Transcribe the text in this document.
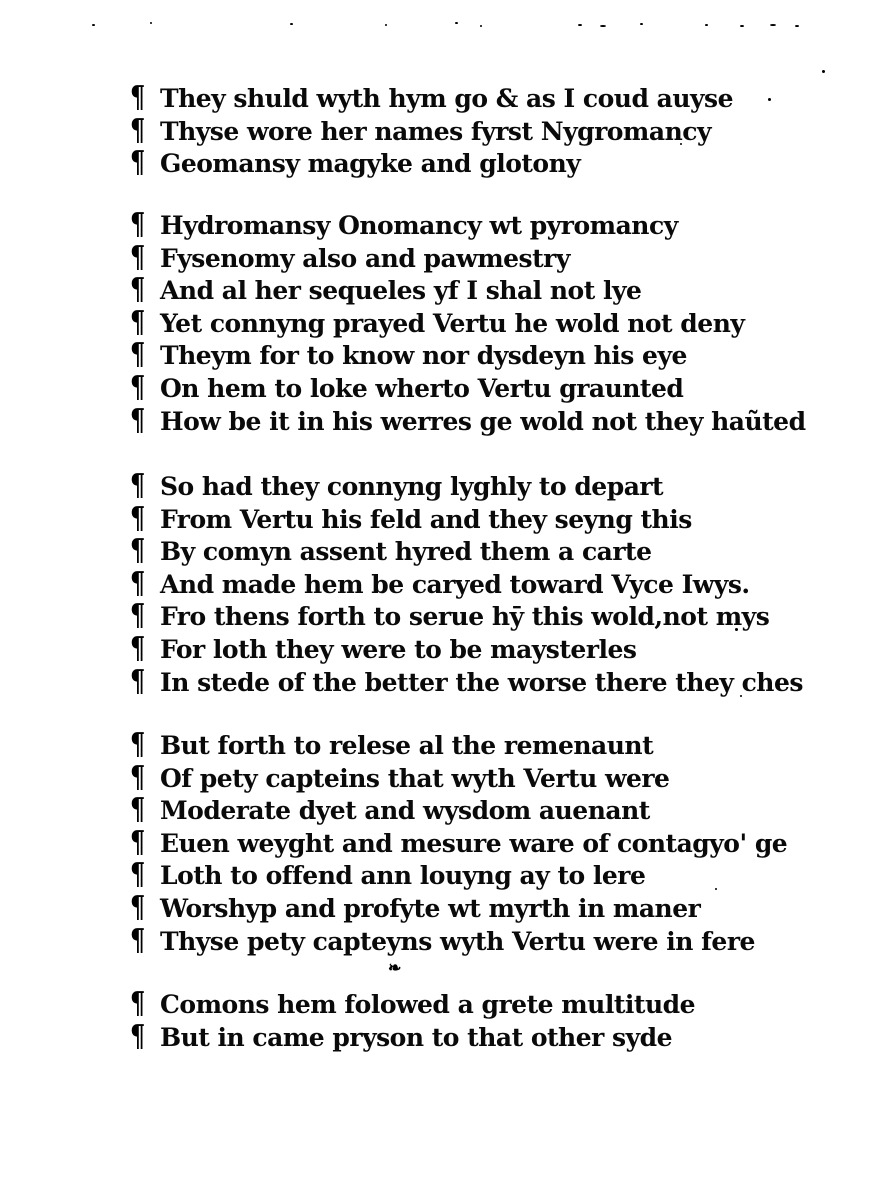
❧
¶ They shuld wyth hym go & as I coud auyse
¶ Thyse wore her names fyrst Nygromancy
¶ Geomansy magyke and glotony
¶ Hydromansy Onomancy wt pyromancy
¶ Fysenomy also and pawmestry
¶ And al her sequeles yf I shal not lye
¶ Yet connyng prayed Vertu he wold not deny
¶ Theym for to know nor dysdeyn his eye
¶ On hem to loke wherto Vertu graunted
¶ How be it in his werres ge wold not they haũted
¶ So had they connyng lyghly to depart
¶ From Vertu his feld and they seyng this
¶ By comyn assent hyred them a carte
¶ And made hem be caryed toward Vyce Iwys.
¶ Fro thens forth to serue hȳ this wold,not mys
¶ For loth they were to be maysterles
¶ In stede of the better the worse there they ches
¶ But forth to relese al the remenaunt
¶ Of pety capteins that wyth Vertu were
¶ Moderate dyet and wysdom auenant
¶ Euen weyght and mesure ware of contagyo' ge
¶ Loth to offend ann louyng ay to lere
¶ Worshyp and profyte wt myrth in maner
¶ Thyse pety capteyns wyth Vertu were in fere
¶ Comons hem folowed a grete multitude
¶ But in came pryson to that other syde
